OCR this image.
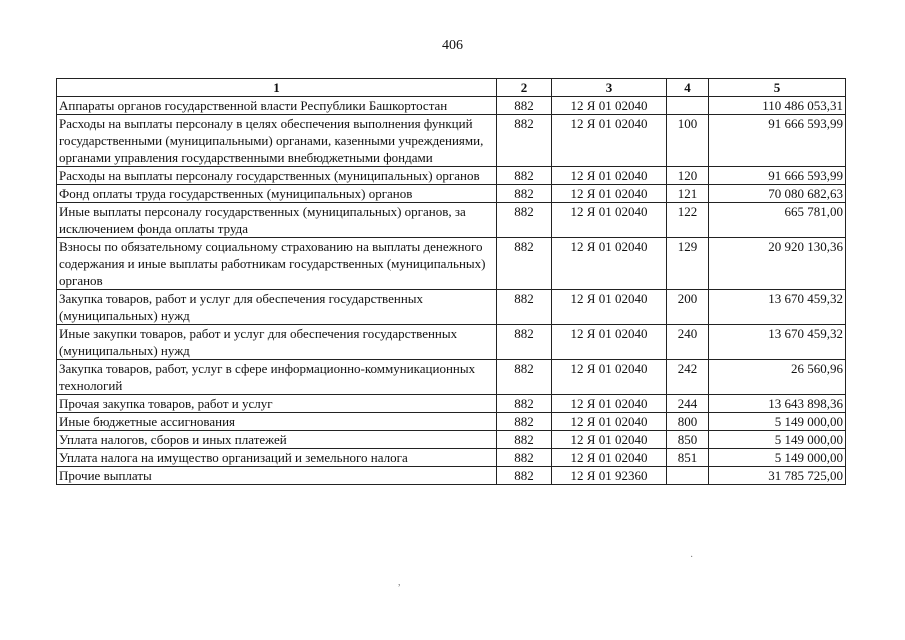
406
1	2	3	4	5
Аппараты органов государственной власти Республики Башкортостан	882	12 Я 01 02040		110 486 053,31
Расходы на выплаты персоналу в целях обеспечения выполнения функций государственными (муниципальными) органами, казенными учреждениями, органами управления государственными внебюджетными фондами	882	12 Я 01 02040	100	91 666 593,99
Расходы на выплаты персоналу государственных (муниципальных) органов	882	12 Я 01 02040	120	91 666 593,99
Фонд оплаты труда государственных (муниципальных) органов	882	12 Я 01 02040	121	70 080 682,63
Иные выплаты персоналу государственных (муниципальных) органов, за исключением фонда оплаты труда	882	12 Я 01 02040	122	665 781,00
Взносы по обязательному социальному страхованию на выплаты денежного содержания и иные выплаты работникам государственных (муниципальных) органов	882	12 Я 01 02040	129	20 920 130,36
Закупка товаров, работ и услуг для обеспечения государственных (муниципальных) нужд	882	12 Я 01 02040	200	13 670 459,32
Иные закупки товаров, работ и услуг для обеспечения государственных (муниципальных) нужд	882	12 Я 01 02040	240	13 670 459,32
Закупка товаров, работ, услуг в сфере информационно-коммуникационных технологий	882	12 Я 01 02040	242	26 560,96
Прочая закупка товаров, работ и услуг	882	12 Я 01 02040	244	13 643 898,36
Иные бюджетные ассигнования	882	12 Я 01 02040	800	5 149 000,00
Уплата налогов, сборов и иных платежей	882	12 Я 01 02040	850	5 149 000,00
Уплата налога на имущество организаций и земельного налога	882	12 Я 01 02040	851	5 149 000,00
Прочие выплаты	882	12 Я 01 92360		31 785 725,00
·
,
